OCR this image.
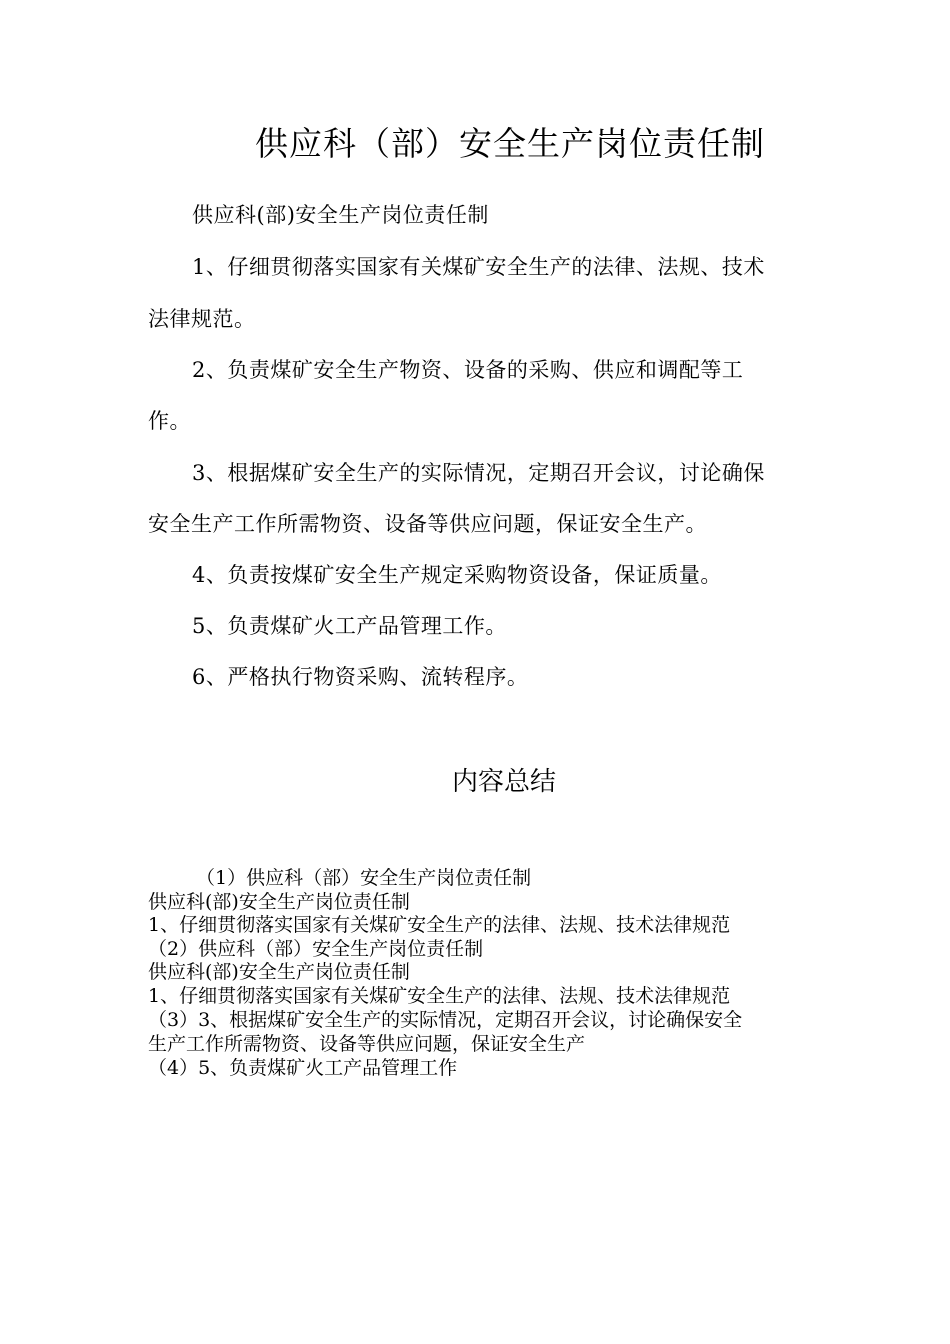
供应科（部）安全生产岗位责任制
供应科(部)安全生产岗位责任制
1、仔细贯彻落实国家有关煤矿安全生产的法律、法规、技术
法律规范。
2、负责煤矿安全生产物资、设备的采购、供应和调配等工
作。
3、根据煤矿安全生产的实际情况，定期召开会议，讨论确保
安全生产工作所需物资、设备等供应问题，保证安全生产。
4、负责按煤矿安全生产规定采购物资设备，保证质量。
5、负责煤矿火工产品管理工作。
6、严格执行物资采购、流转程序。
内容总结
（1）供应科（部）安全生产岗位责任制
供应科(部)安全生产岗位责任制
1、仔细贯彻落实国家有关煤矿安全生产的法律、法规、技术法律规范
（2）供应科（部）安全生产岗位责任制
供应科(部)安全生产岗位责任制
1、仔细贯彻落实国家有关煤矿安全生产的法律、法规、技术法律规范
（3）3、根据煤矿安全生产的实际情况，定期召开会议，讨论确保安全
生产工作所需物资、设备等供应问题，保证安全生产
（4）5、负责煤矿火工产品管理工作
